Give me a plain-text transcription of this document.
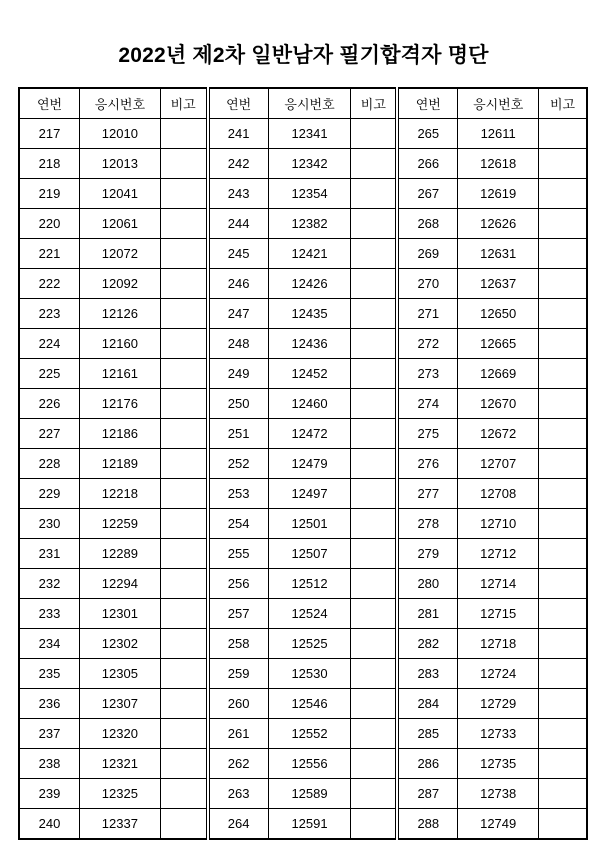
2022년 제2차 일반남자 필기합격자 명단
연번	응시번호	비고	연번	응시번호	비고	연번	응시번호	비고
217	12010		241	12341		265	12611	
218	12013		242	12342		266	12618	
219	12041		243	12354		267	12619	
220	12061		244	12382		268	12626	
221	12072		245	12421		269	12631	
222	12092		246	12426		270	12637	
223	12126		247	12435		271	12650	
224	12160		248	12436		272	12665	
225	12161		249	12452		273	12669	
226	12176		250	12460		274	12670	
227	12186		251	12472		275	12672	
228	12189		252	12479		276	12707	
229	12218		253	12497		277	12708	
230	12259		254	12501		278	12710	
231	12289		255	12507		279	12712	
232	12294		256	12512		280	12714	
233	12301		257	12524		281	12715	
234	12302		258	12525		282	12718	
235	12305		259	12530		283	12724	
236	12307		260	12546		284	12729	
237	12320		261	12552		285	12733	
238	12321		262	12556		286	12735	
239	12325		263	12589		287	12738	
240	12337		264	12591		288	12749	
